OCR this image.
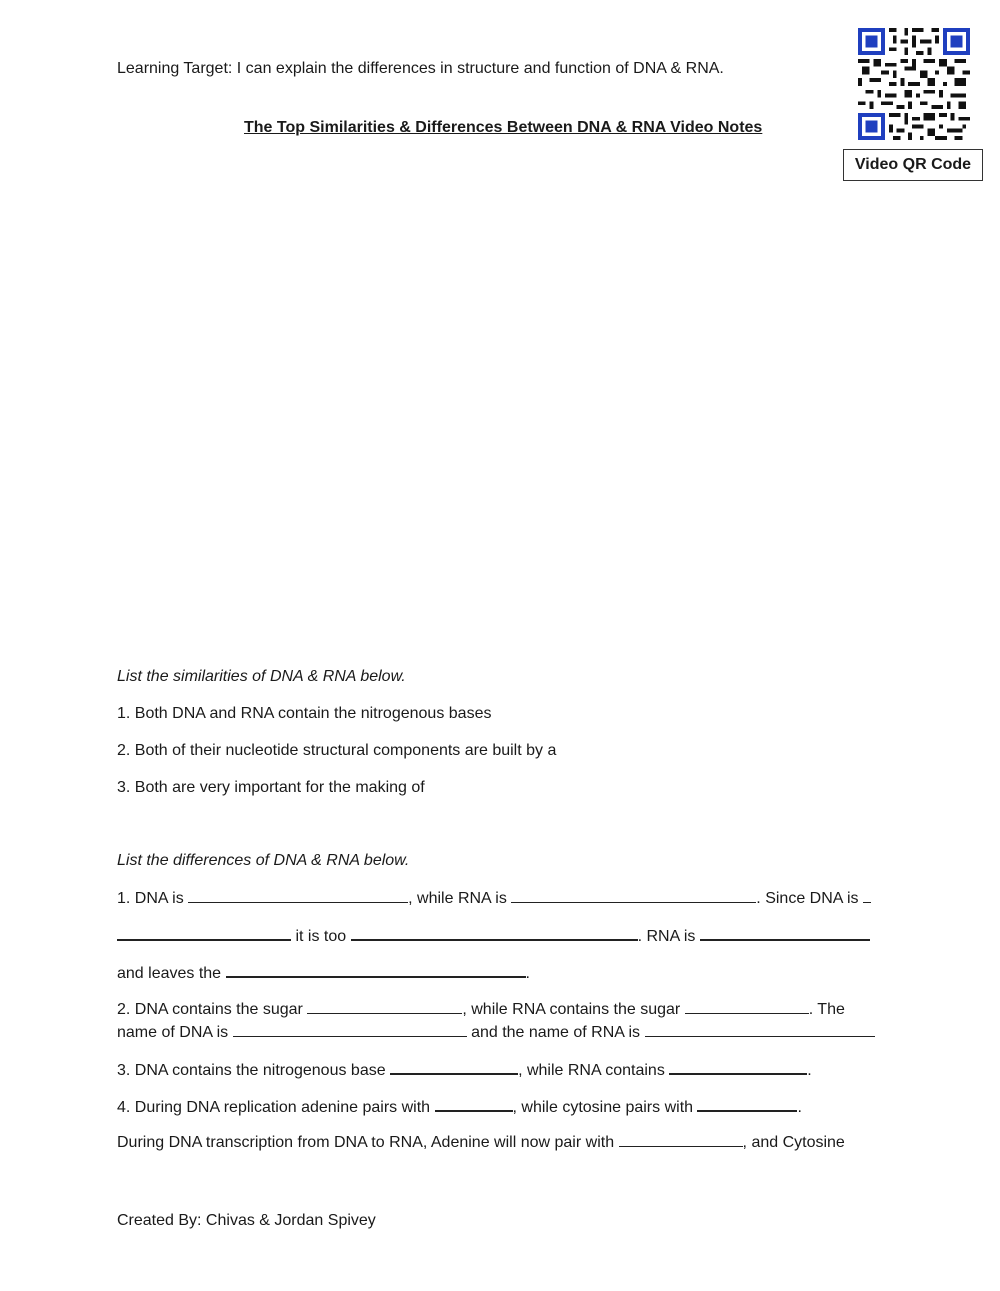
Learning Target: I can explain the differences in structure and function of DNA & RNA.
The Top Similarities & Differences Between DNA & RNA Video Notes
Video QR Code
List the similarities of DNA & RNA below.
1. Both DNA and RNA contain the nitrogenous bases
2. Both of their nucleotide structural components are built by a
3. Both are very important for the making of
List the differences of DNA & RNA below.
1. DNA is	, while RNA is	. Since DNA is
it is too	. RNA is
and leaves the	.
2. DNA contains the sugar	, while RNA contains the sugar	. The
name of DNA is	and the name of RNA is
3. DNA contains the nitrogenous base	, while RNA contains	.
4. During DNA replication adenine pairs with	, while cytosine pairs with	.
During DNA transcription from DNA to RNA, Adenine will now pair with	, and Cytosine
Created By: Chivas & Jordan Spivey
